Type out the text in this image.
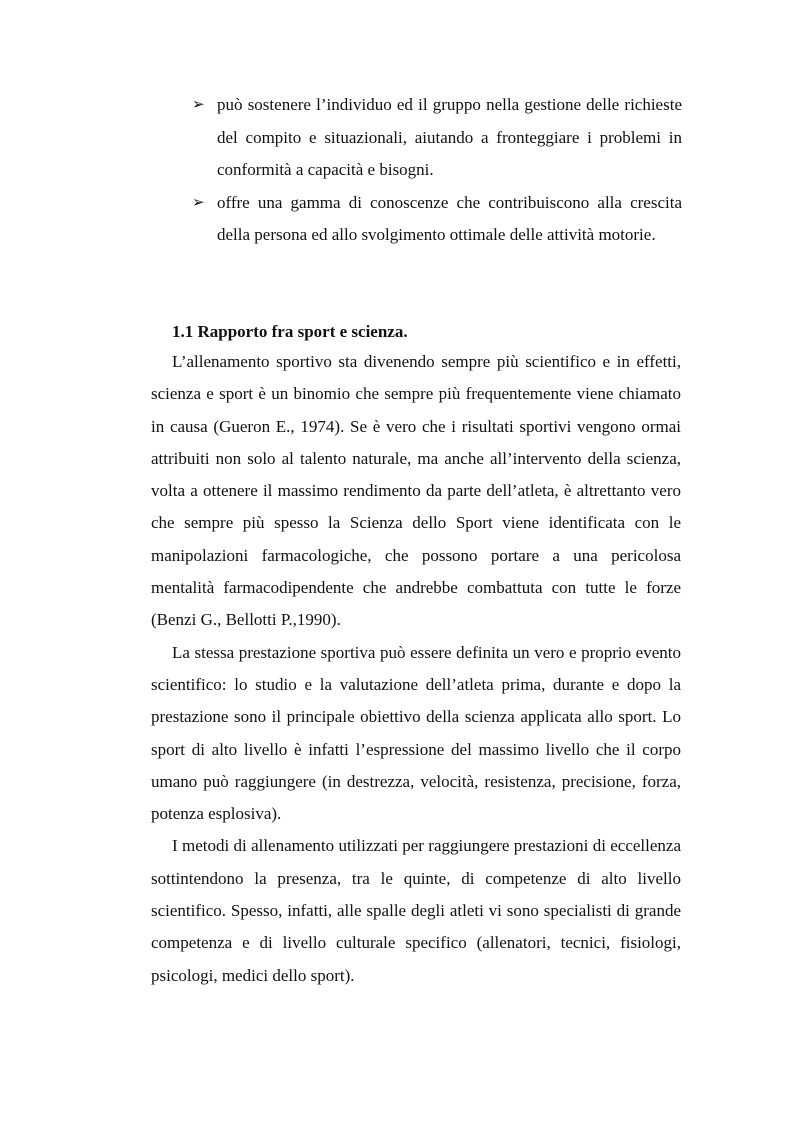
➢ può sostenere l’individuo ed il gruppo nella gestione delle richieste del compito e situazionali, aiutando a fronteggiare i problemi in conformità a capacità e bisogni.
➢ offre una gamma di conoscenze che contribuiscono alla crescita della persona ed allo svolgimento ottimale delle attività motorie.
1.1 Rapporto fra sport e scienza.

L’allenamento sportivo sta divenendo sempre più scientifico e in effetti, scienza e sport è un binomio che sempre più frequentemente viene chiamato in causa (Gueron E., 1974). Se è vero che i risultati sportivi vengono ormai attribuiti non solo al talento naturale, ma anche all’intervento della scienza, volta a ottenere il massimo rendimento da parte dell’atleta, è altrettanto vero che sempre più spesso la Scienza dello Sport viene identificata con le manipolazioni farmacologiche, che possono portare a una pericolosa mentalità farmacodipendente che andrebbe combattuta con tutte le forze (Benzi G., Bellotti P.,1990).

La stessa prestazione sportiva può essere definita un vero e proprio evento scientifico: lo studio e la valutazione dell’atleta prima, durante e dopo la prestazione sono il principale obiettivo della scienza applicata allo sport. Lo sport di alto livello è infatti l’espressione del massimo livello che il corpo umano può raggiungere (in destrezza, velocità, resistenza, precisione, forza, potenza esplosiva).

I metodi di allenamento utilizzati per raggiungere prestazioni di eccellenza sottintendono la presenza, tra le quinte, di competenze di alto livello scientifico. Spesso, infatti, alle spalle degli atleti vi sono specialisti di grande competenza e di livello culturale specifico (allenatori, tecnici, fisiologi, psicologi, medici dello sport).
